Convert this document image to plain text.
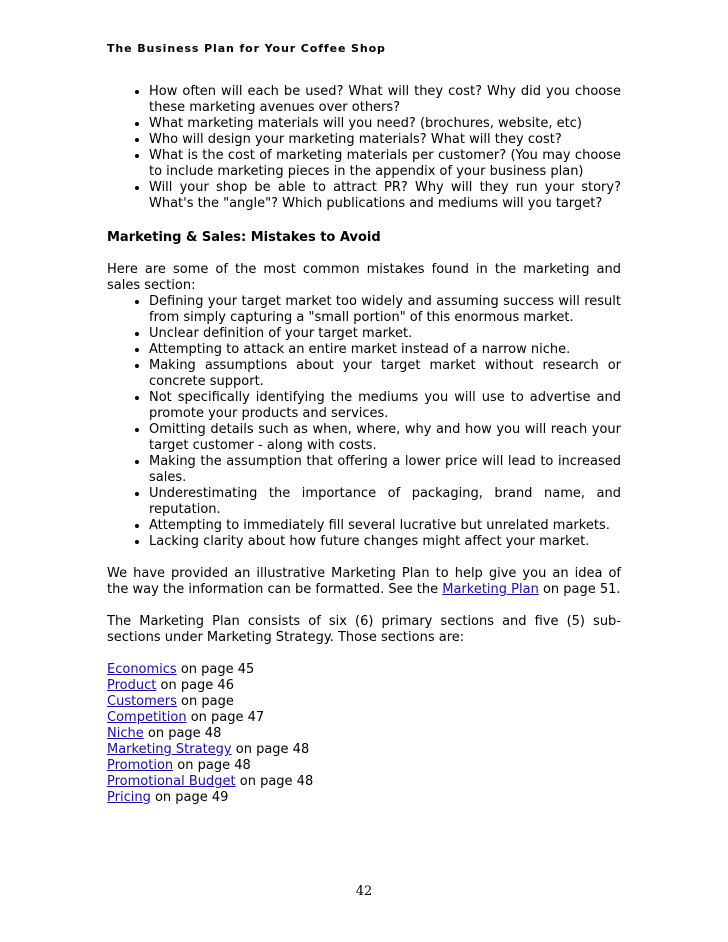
The Business Plan for Your Coffee Shop
• How often will each be used? What will they cost? Why did you choose these marketing avenues over others?
• What marketing materials will you need? (brochures, website, etc)
• Who will design your marketing materials? What will they cost?
• What is the cost of marketing materials per customer? (You may choose to include marketing pieces in the appendix of your business plan)
• Will your shop be able to attract PR? Why will they run your story? What's the "angle"? Which publications and mediums will you target?

Marketing & Sales: Mistakes to Avoid

Here are some of the most common mistakes found in the marketing and sales section:

• Defining your target market too widely and assuming success will result from simply capturing a "small portion" of this enormous market.
• Unclear definition of your target market.
• Attempting to attack an entire market instead of a narrow niche.
• Making assumptions about your target market without research or concrete support.
• Not specifically identifying the mediums you will use to advertise and promote your products and services.
• Omitting details such as when, where, why and how you will reach your target customer - along with costs.
• Making the assumption that offering a lower price will lead to increased sales.
• Underestimating the importance of packaging, brand name, and reputation.
• Attempting to immediately fill several lucrative but unrelated markets.
• Lacking clarity about how future changes might affect your market.

We have provided an illustrative Marketing Plan to help give you an idea of the way the information can be formatted. See the Marketing Plan on page 51.

The Marketing Plan consists of six (6) primary sections and five (5) sub-sections under Marketing Strategy. Those sections are:

Economics on page 45
Product on page 46
Customers on page
Competition on page 47
Niche on page 48
Marketing Strategy on page 48
Promotion on page 48
Promotional Budget on page 48
Pricing on page 49
42
